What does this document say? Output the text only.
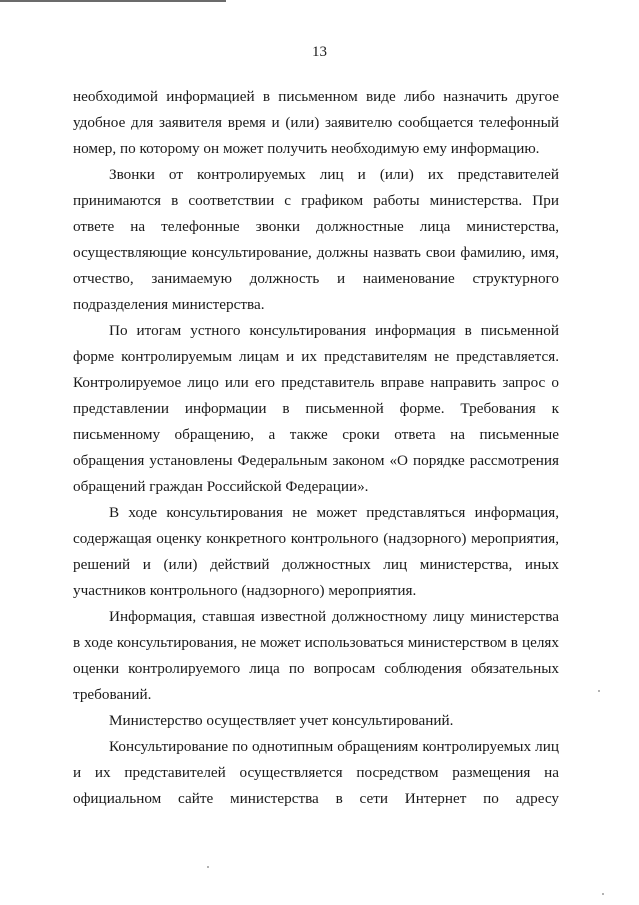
13

необходимой информацией в письменном виде либо назначить другое удобное для заявителя время и (или) заявителю сообщается телефонный номер, по которому он может получить необходимую ему информацию.

Звонки от контролируемых лиц и (или) их представителей принимаются в соответствии с графиком работы министерства. При ответе на телефонные звонки должностные лица министерства, осуществляющие консультирование, должны назвать свои фамилию, имя, отчество, занимаемую должность и наименование структурного подразделения министерства.

По итогам устного консультирования информация в письменной форме контролируемым лицам и их представителям не представляется. Контролируемое лицо или его представитель вправе направить запрос о представлении информации в письменной форме. Требования к письменному обращению, а также сроки ответа на письменные обращения установлены Федеральным законом «О порядке рассмотрения обращений граждан Российской Федерации».

В ходе консультирования не может представляться информация, содержащая оценку конкретного контрольного (надзорного) мероприятия, решений и (или) действий должностных лиц министерства, иных участников контрольного (надзорного) мероприятия.

Информация, ставшая известной должностному лицу министерства в ходе консультирования, не может использоваться министерством в целях оценки контролируемого лица по вопросам соблюдения обязательных требований.

Министерство осуществляет учет консультирований.

Консультирование по однотипным обращениям контролируемых лиц и их представителей осуществляется посредством размещения на официальном сайте министерства в сети Интернет по адресу
